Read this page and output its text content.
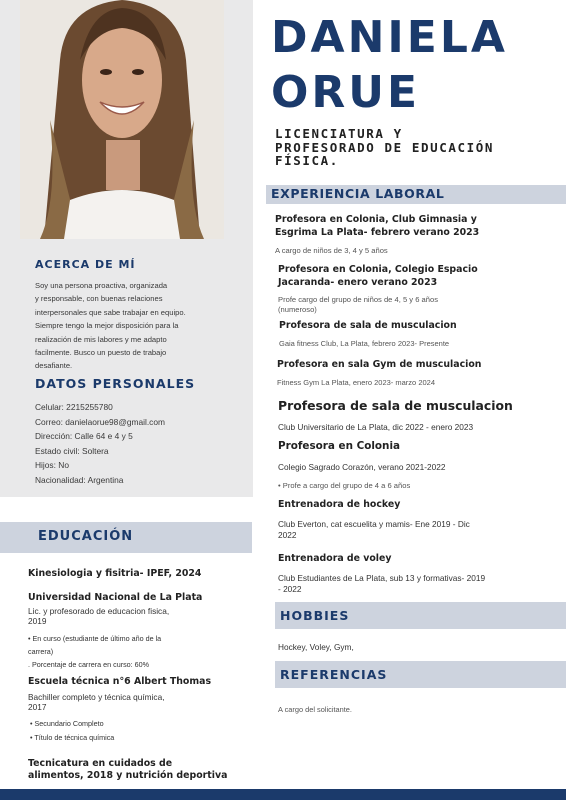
ACERCA DE MÍ
Soy una persona proactiva, organizada
y responsable, con buenas relaciones
interpersonales que sabe trabajar en equipo.
Siempre tengo la mejor disposición para la
realización de mis labores y me adapto
facilmente. Busco un puesto de trabajo
desafiante.
DATOS PERSONALES
Celular: 2215255780
Correo: danielaorue98@gmail.com
Dirección: Calle 64 e 4 y 5
Estado civil: Soltera
Hijos: No
Nacionalidad: Argentina
EDUCACIÓN
Kinesiologia y fisitria- IPEF, 2024
Universidad Nacional de La Plata
Lic. y profesorado de educacion fisica,
2019
• En curso (estudiante de último año de la
carrera)
. Porcentaje de carrera en curso: 60%
Escuela técnica n°6 Albert Thomas
Bachiller completo y técnica química,
2017
• Secundario Completo
• Título de técnica química
Tecnicatura en cuidados de
alimentos, 2018 y nutrición deportiva
DANIELA
ORUE
LICENCIATURA Y
PROFESORADO DE EDUCACIÓN
FÍSICA.
EXPERIENCIA LABORAL
Profesora en Colonia, Club Gimnasia y
Esgrima La Plata- febrero verano 2023
A cargo de niños de 3, 4 y 5 años
Profesora en Colonia, Colegio Espacio
Jacaranda- enero verano 2023
Profe cargo del grupo de niños de 4, 5 y 6 años
(numeroso)
Profesora de sala de musculacion
Gaia fitness Club, La Plata, febrero 2023- Presente
Profesora en sala Gym de musculacion
Fitness Gym La Plata, enero 2023- marzo 2024
Profesora de sala de musculacion
Club Universitario de La Plata, dic 2022 - enero 2023
Profesora en Colonia
Colegio Sagrado Corazón, verano 2021-2022
• Profe a cargo del grupo de 4 a 6 años
Entrenadora de hockey
Club Everton, cat escuelita y mamis- Ene 2019 - Dic
2022
Entrenadora de voley
Club Estudiantes de La Plata, sub 13 y formativas- 2019
- 2022
HOBBIES
Hockey, Voley, Gym,
REFERENCIAS
A cargo del solicitante.
